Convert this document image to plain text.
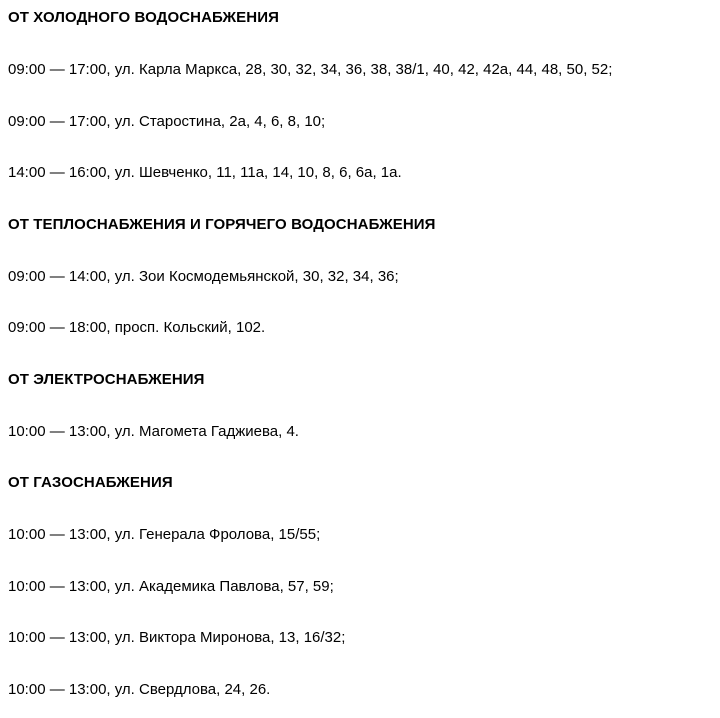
ОТ ХОЛОДНОГО ВОДОСНАБЖЕНИЯ
09:00 — 17:00, ул. Карла Маркса, 28, 30, 32, 34, 36, 38, 38/1, 40, 42, 42а, 44, 48, 50, 52;
09:00 — 17:00, ул. Старостина, 2а, 4, 6, 8, 10;
14:00 — 16:00, ул. Шевченко, 11, 11а, 14, 10, 8, 6, 6а, 1а.
ОТ ТЕПЛОСНАБЖЕНИЯ И ГОРЯЧЕГО ВОДОСНАБЖЕНИЯ
09:00 — 14:00, ул. Зои Космодемьянской, 30, 32, 34, 36;
09:00 — 18:00, просп. Кольский, 102.
ОТ ЭЛЕКТРОСНАБЖЕНИЯ
10:00 — 13:00, ул. Магомета Гаджиева, 4.
ОТ ГАЗОСНАБЖЕНИЯ
10:00 — 13:00, ул. Генерала Фролова, 15/55;
10:00 — 13:00, ул. Академика Павлова, 57, 59;
10:00 — 13:00, ул. Виктора Миронова, 13, 16/32;
10:00 — 13:00, ул. Свердлова, 24, 26.
